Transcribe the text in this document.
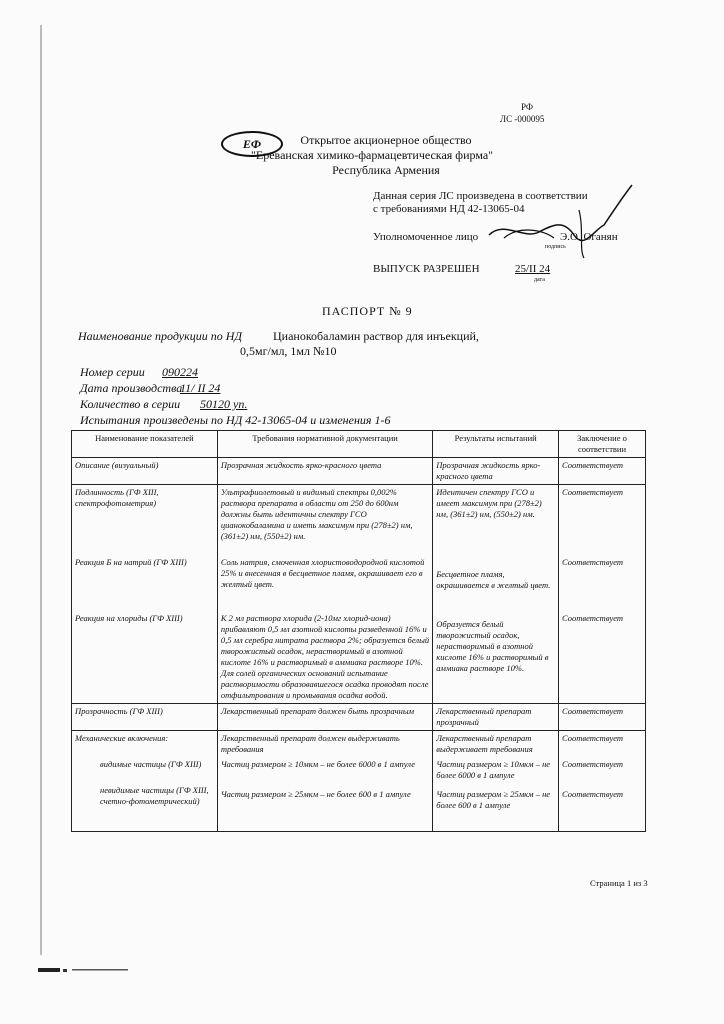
РФ
ЛС -000095
ЕФ	Открытое акционерное общество
"Ереванская химико-фармацевтическая фирма"
Республика Армения
Данная серия ЛС произведена в соответствии
с требованиями НД 42-13065-04
Уполномоченное лицо
подпись
Э.О. Оганян
ВЫПУСК РАЗРЕШЕН	25/II 24
дата
ПАСПОРТ № 9
Наименование продукции по НД	Цианокобаламин раствор для инъекций,
0,5мг/мл, 1мл №10
Номер серии 090224
Дата производства
11/ II 24
Количество в серии 50120 уп.
Испытания произведены по НД 42-13065-04 и изменения 1-6
Наименование показателей	Требования нормативной документации	Результаты испытаний	Заключение о соответствии
Описание (визуальный)	Прозрачная жидкость ярко-красного цвета	Прозрачная жидкость ярко-красного цвета	Соответствует
Подлинность (ГФ XIII, спектрофотометрия)	Ультрафиолетовый и видимый спектры 0,002% раствора препарата в области от 250 до 600нм должны быть идентичны спектру ГСО цианокобаламина и иметь максимум при (278±2) нм, (361±2) нм, (550±2) нм.	Идентичен спектру ГСО и имеет максимум при (278±2) нм, (361±2) нм, (550±2) нм.	Соответствует
Реакция Б на натрий (ГФ XIII)	Соль натрия, смоченная хлористоводородной кислотой 25% и внесенная в бесцветное пламя, окрашивает его в желтый цвет.	Бесцветное пламя, окрашивается в желтый цвет.	Соответствует
Реакция на хлориды (ГФ XIII)	К 2 мл раствора хлорида (2-10мг хлорид-иона) прибавляют 0,5 мл азотной кислоты разведенной 16% и 0,5 мл серебра нитрата раствора 2%; образуется белый творожистый осадок, нерастворимый в азотной кислоте 16% и растворимый в аммиака растворе 10%. Для солей органических оснований испытание растворимости образовавшегося осадка проводят после отфильтрования и промывания осадка водой.	Образуется белый творожистый осадок, нерастворимый в азотной кислоте 16% и растворимый в аммиака растворе 10%.	Соответствует
Прозрачность (ГФ XIII)	Лекарственный препарат должен быть прозрачным	Лекарственный препарат прозрачный	Соответствует
Механические включения:	Лекарственный препарат должен выдерживать требования	Лекарственный препарат выдерживает требования	Соответствует
видимые частицы (ГФ XIII)	Частиц размером ≥ 10мкм – не более 6000 в 1 ампуле	Частиц размером ≥ 10мкм – не более 6000 в 1 ампуле	Соответствует
невидимые частицы (ГФ XIII, счетно-фотометрический)	Частиц размером ≥ 25мкм – не более 600 в 1 ампуле	Частиц размером ≥ 25мкм – не более 600 в 1 ампуле	Соответствует
Страница 1 из 3
